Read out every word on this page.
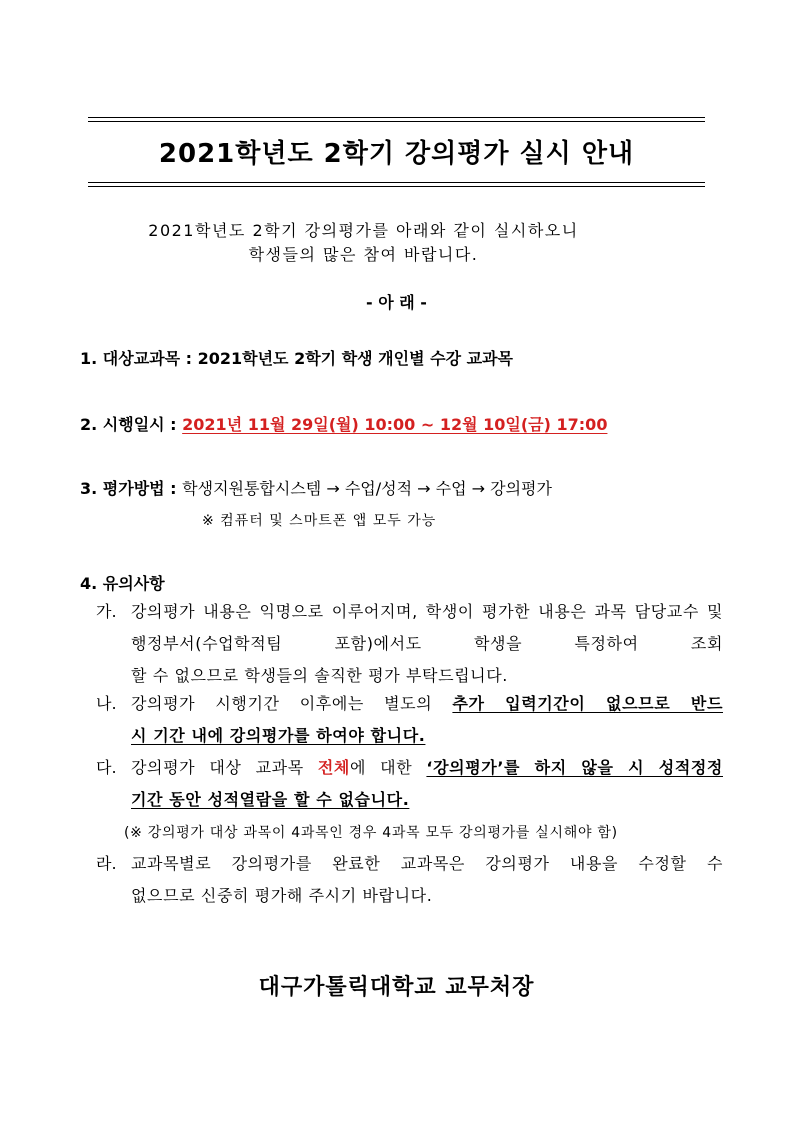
2021학년도 2학기 강의평가 실시 안내
2021학년도 2학기 강의평가를 아래와 같이 실시하오니
학생들의 많은 참여 바랍니다.
- 아 래 -
1. 대상교과목 : 2021학년도 2학기 학생 개인별 수강 교과목
2. 시행일시 : 2021년 11월 29일(월) 10:00 ~ 12월 10일(금) 17:00
3. 평가방법 : 학생지원통합시스템 → 수업/성적 → 수업 → 강의평가
※ 컴퓨터 및 스마트폰 앱 모두 가능
4. 유의사항
가. 강의평가 내용은 익명으로 이루어지며, 학생이 평가한 내용은 과목 담당교수 및 행정부서(수업학적팀 포함)에서도 학생을 특정하여 조회
할 수 없으므로 학생들의 솔직한 평가 부탁드립니다.
나. 강의평가 시행기간 이후에는 별도의 추가 입력기간이 없으므로 반드
시 기간 내에 강의평가를 하여야 합니다.
다. 강의평가 대상 교과목 전체에 대한 ‘강의평가’를 하지 않을 시 성적정정
기간 동안 성적열람을 할 수 없습니다.
(※ 강의평가 대상 과목이 4과목인 경우 4과목 모두 강의평가를 실시해야 함)
라. 교과목별로 강의평가를 완료한 교과목은 강의평가 내용을 수정할 수
없으므로 신중히 평가해 주시기 바랍니다.
대구가톨릭대학교 교무처장
